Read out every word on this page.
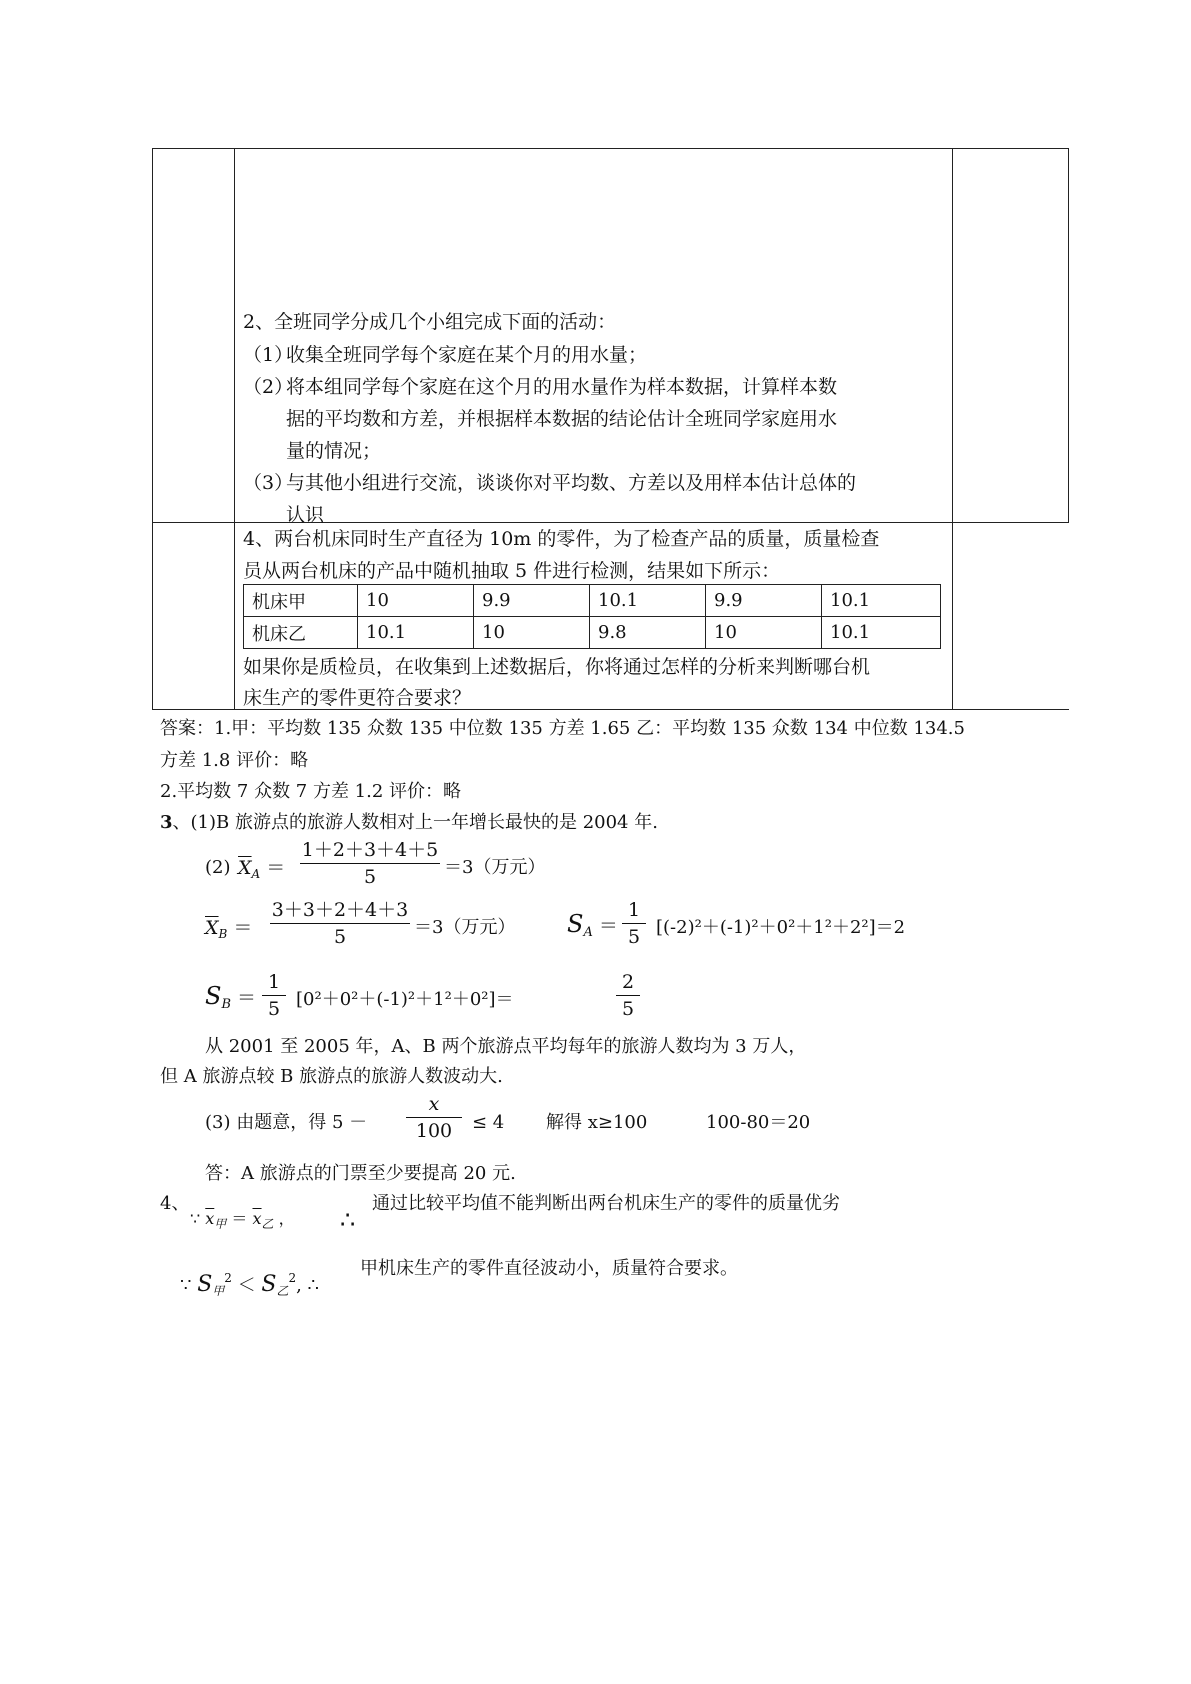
2、全班同学分成几个小组完成下面的活动：
（1）
收集全班同学每个家庭在某个月的用水量；
（2）
将本组同学每个家庭在这个月的用水量作为样本数据，计算样本数
据的平均数和方差，并根据样本数据的结论估计全班同学家庭用水
量的情况；
（3）
与其他小组进行交流，谈谈你对平均数、方差以及用样本估计总体的
认识
4、两台机床同时生产直径为 10m 的零件，为了检查产品的质量，质量检查
员从两台机床的产品中随机抽取 5 件进行检测，结果如下所示：
机床甲	10	9.9	10.1	9.9	10.1
机床乙	10.1	10	9.8	10	10.1
如果你是质检员，在收集到上述数据后，你将通过怎样的分析来判断哪台机
床生产的零件更符合要求？
答案：1.甲：平均数 135 众数 135 中位数 135 方差 1.65 乙：平均数 135 众数 134 中位数 134.5
方差 1.8 评价：略
2.平均数 7 众数 7 方差 1.2 评价：略
3、(1)B 旅游点的旅游人数相对上一年增长最快的是 2004 年.
(2) $\overline{X}_A$ ＝
1＋2＋3＋4＋5
5	＝3（万元）
$\overline{X}_B$ ＝
3＋3＋2＋4＋3
5	＝3（万元） $S_A$ ＝
1
5 [(-2)²＋(-1)²＋0²＋1²＋2²]＝2
$S_B$ ＝
1
5 [0²＋0²＋(-1)²＋1²＋0²]＝
2
5
从 2001 至 2005 年，A、B 两个旅游点平均每年的旅游人数均为 3 万人，
但 A 旅游点较 B 旅游点的旅游人数波动大.
(3) 由题意，得 5 －
x
100	≤ 4 解得 x≥100	100-80＝20
答：A 旅游点的门票至少要提高 20 元.
4、
∵ $\overline{x}_甲 = \overline{x}_乙$ ， ∴
通过比较平均值不能判断出两台机床生产的零件的质量优劣
∵ $S_甲^2 < S_乙^2$, ∴
甲机床生产的零件直径波动小，质量符合要求。
